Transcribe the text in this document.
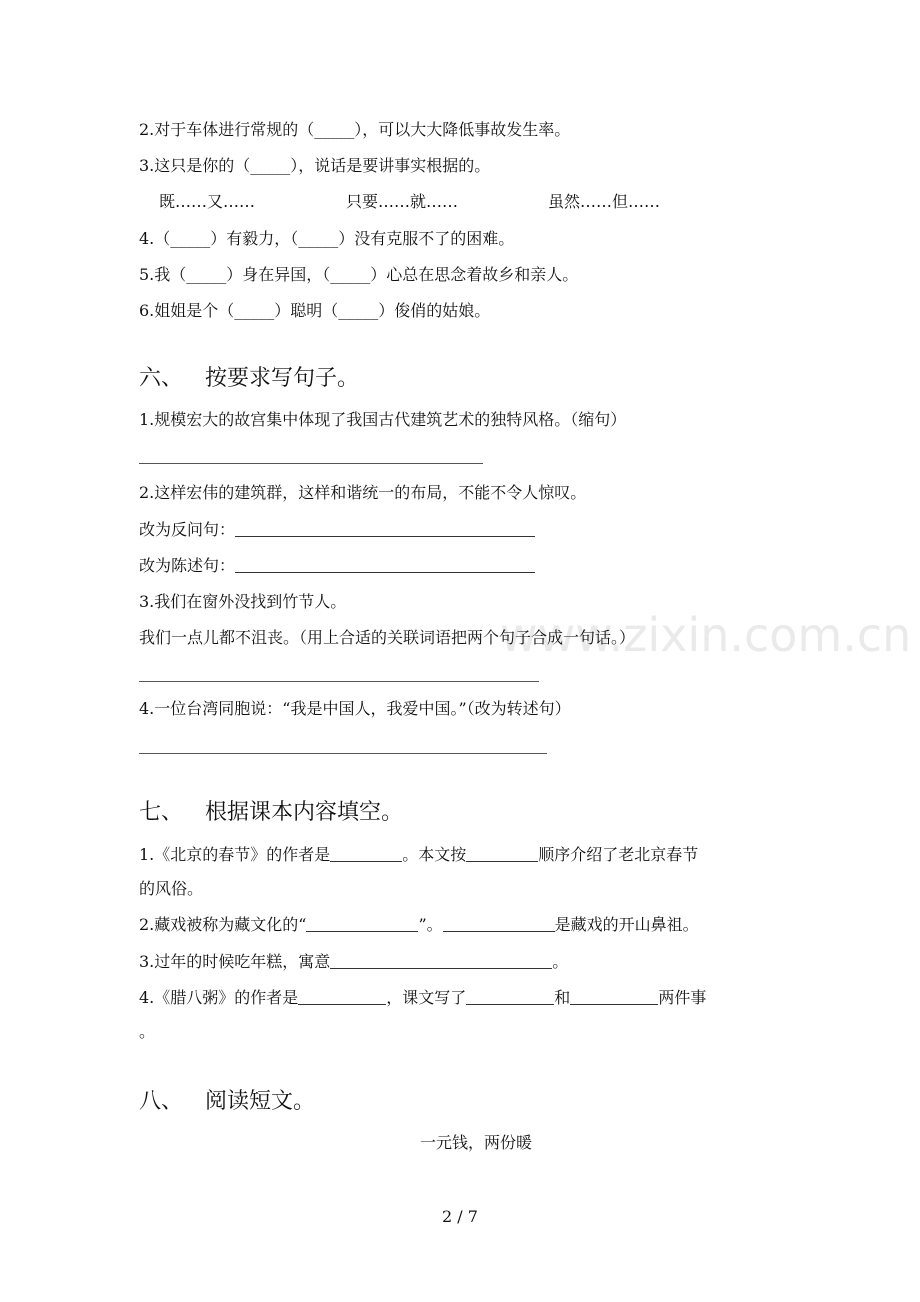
www.zixin.com.cn
2.对于车体进行常规的（_____），可以大大降低事故发生率。
3.这只是你的（_____），说话是要讲事实根据的。
既……又……	只要……就……	虽然……但……
4.（_____）有毅力，（_____）没有克服不了的困难。
5.我（_____）身在异国，（_____）心总在思念着故乡和亲人。
6.姐姐是个（_____）聪明（_____）俊俏的姑娘。
六、 按要求写句子。
1.规模宏大的故宫集中体现了我国古代建筑艺术的独特风格。（缩句）
2.这样宏伟的建筑群，这样和谐统一的布局，不能不令人惊叹。
改为反问句：
改为陈述句：
3.我们在窗外没找到竹节人。
我们一点儿都不沮丧。（用上合适的关联词语把两个句子合成一句话。）
4.一位台湾同胞说：“我是中国人，我爱中国。”（改为转述句）
七、 根据课本内容填空。
1.《北京的春节》的作者是	。本文按	顺序介绍了老北京春节
的风俗。
2.藏戏被称为藏文化的“	”。	是藏戏的开山鼻祖。
3.过年的时候吃年糕，寓意	。
4.《腊八粥》的作者是	，课文写了	和	两件事
。
八、 阅读短文。
一元钱，两份暖
2 / 7
